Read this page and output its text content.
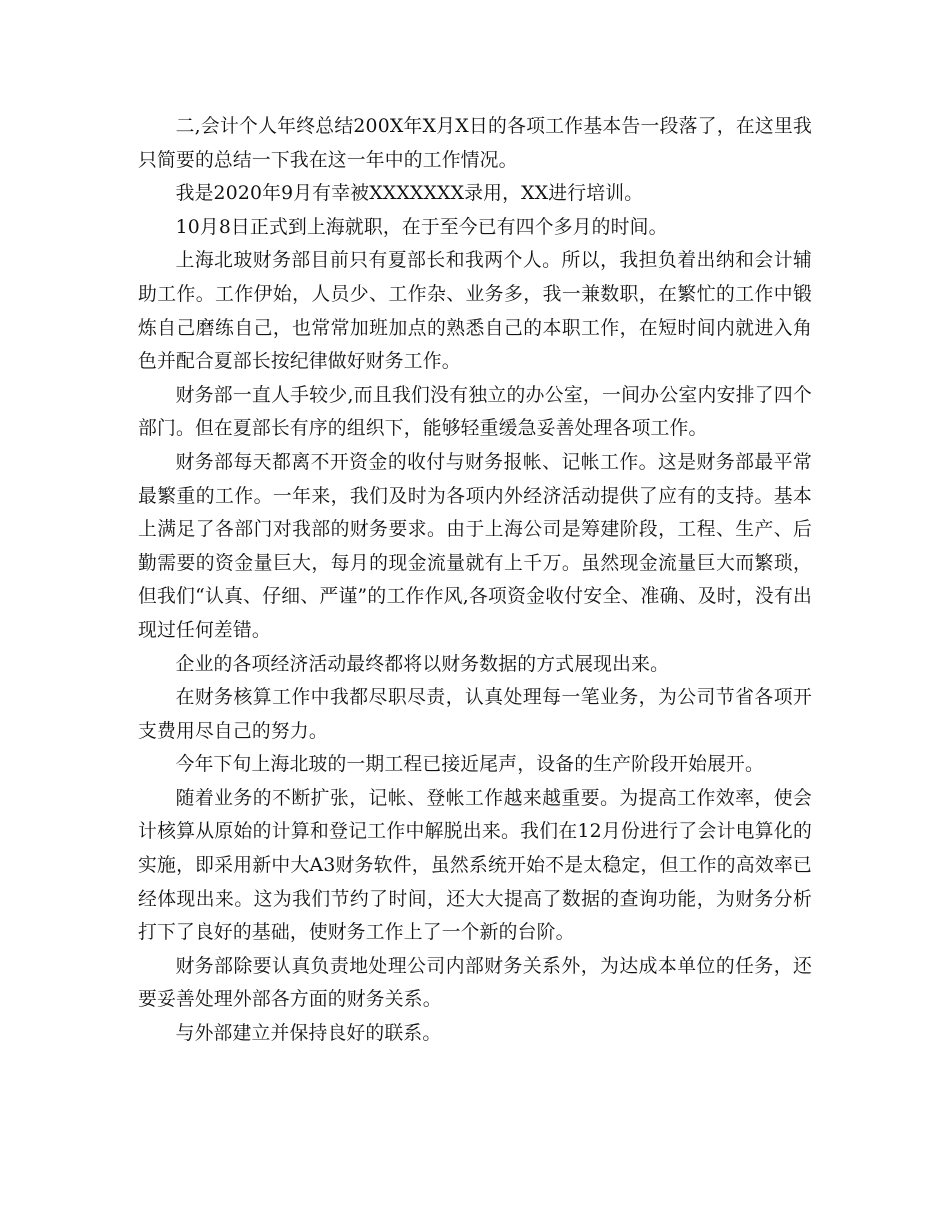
二,会计个人年终总结200X年X月X日的各项工作基本告一段落了，在这里我只简要的总结一下我在这一年中的工作情况。

我是2020年9月有幸被XXXXXXX录用，XX进行培训。

10月8日正式到上海就职，在于至今已有四个多月的时间。

上海北玻财务部目前只有夏部长和我两个人。所以，我担负着出纳和会计辅助工作。工作伊始，人员少、工作杂、业务多，我一兼数职，在繁忙的工作中锻炼自己磨练自己，也常常加班加点的熟悉自己的本职工作，在短时间内就进入角色并配合夏部长按纪律做好财务工作。

财务部一直人手较少,而且我们没有独立的办公室，一间办公室内安排了四个部门。但在夏部长有序的组织下，能够轻重缓急妥善处理各项工作。

财务部每天都离不开资金的收付与财务报帐、记帐工作。这是财务部最平常最繁重的工作。一年来，我们及时为各项内外经济活动提供了应有的支持。基本上满足了各部门对我部的财务要求。由于上海公司是筹建阶段，工程、生产、后勤需要的资金量巨大，每月的现金流量就有上千万。虽然现金流量巨大而繁琐，但我们“认真、仔细、严谨”的工作作风,各项资金收付安全、准确、及时，没有出现过任何差错。

企业的各项经济活动最终都将以财务数据的方式展现出来。

在财务核算工作中我都尽职尽责，认真处理每一笔业务，为公司节省各项开支费用尽自己的努力。

今年下旬上海北玻的一期工程已接近尾声，设备的生产阶段开始展开。

随着业务的不断扩张，记帐、登帐工作越来越重要。为提高工作效率，使会计核算从原始的计算和登记工作中解脱出来。我们在12月份进行了会计电算化的实施，即采用新中大A3财务软件，虽然系统开始不是太稳定，但工作的高效率已经体现出来。这为我们节约了时间，还大大提高了数据的查询功能，为财务分析打下了良好的基础，使财务工作上了一个新的台阶。

财务部除要认真负责地处理公司内部财务关系外，为达成本单位的任务，还要妥善处理外部各方面的财务关系。

与外部建立并保持良好的联系。
